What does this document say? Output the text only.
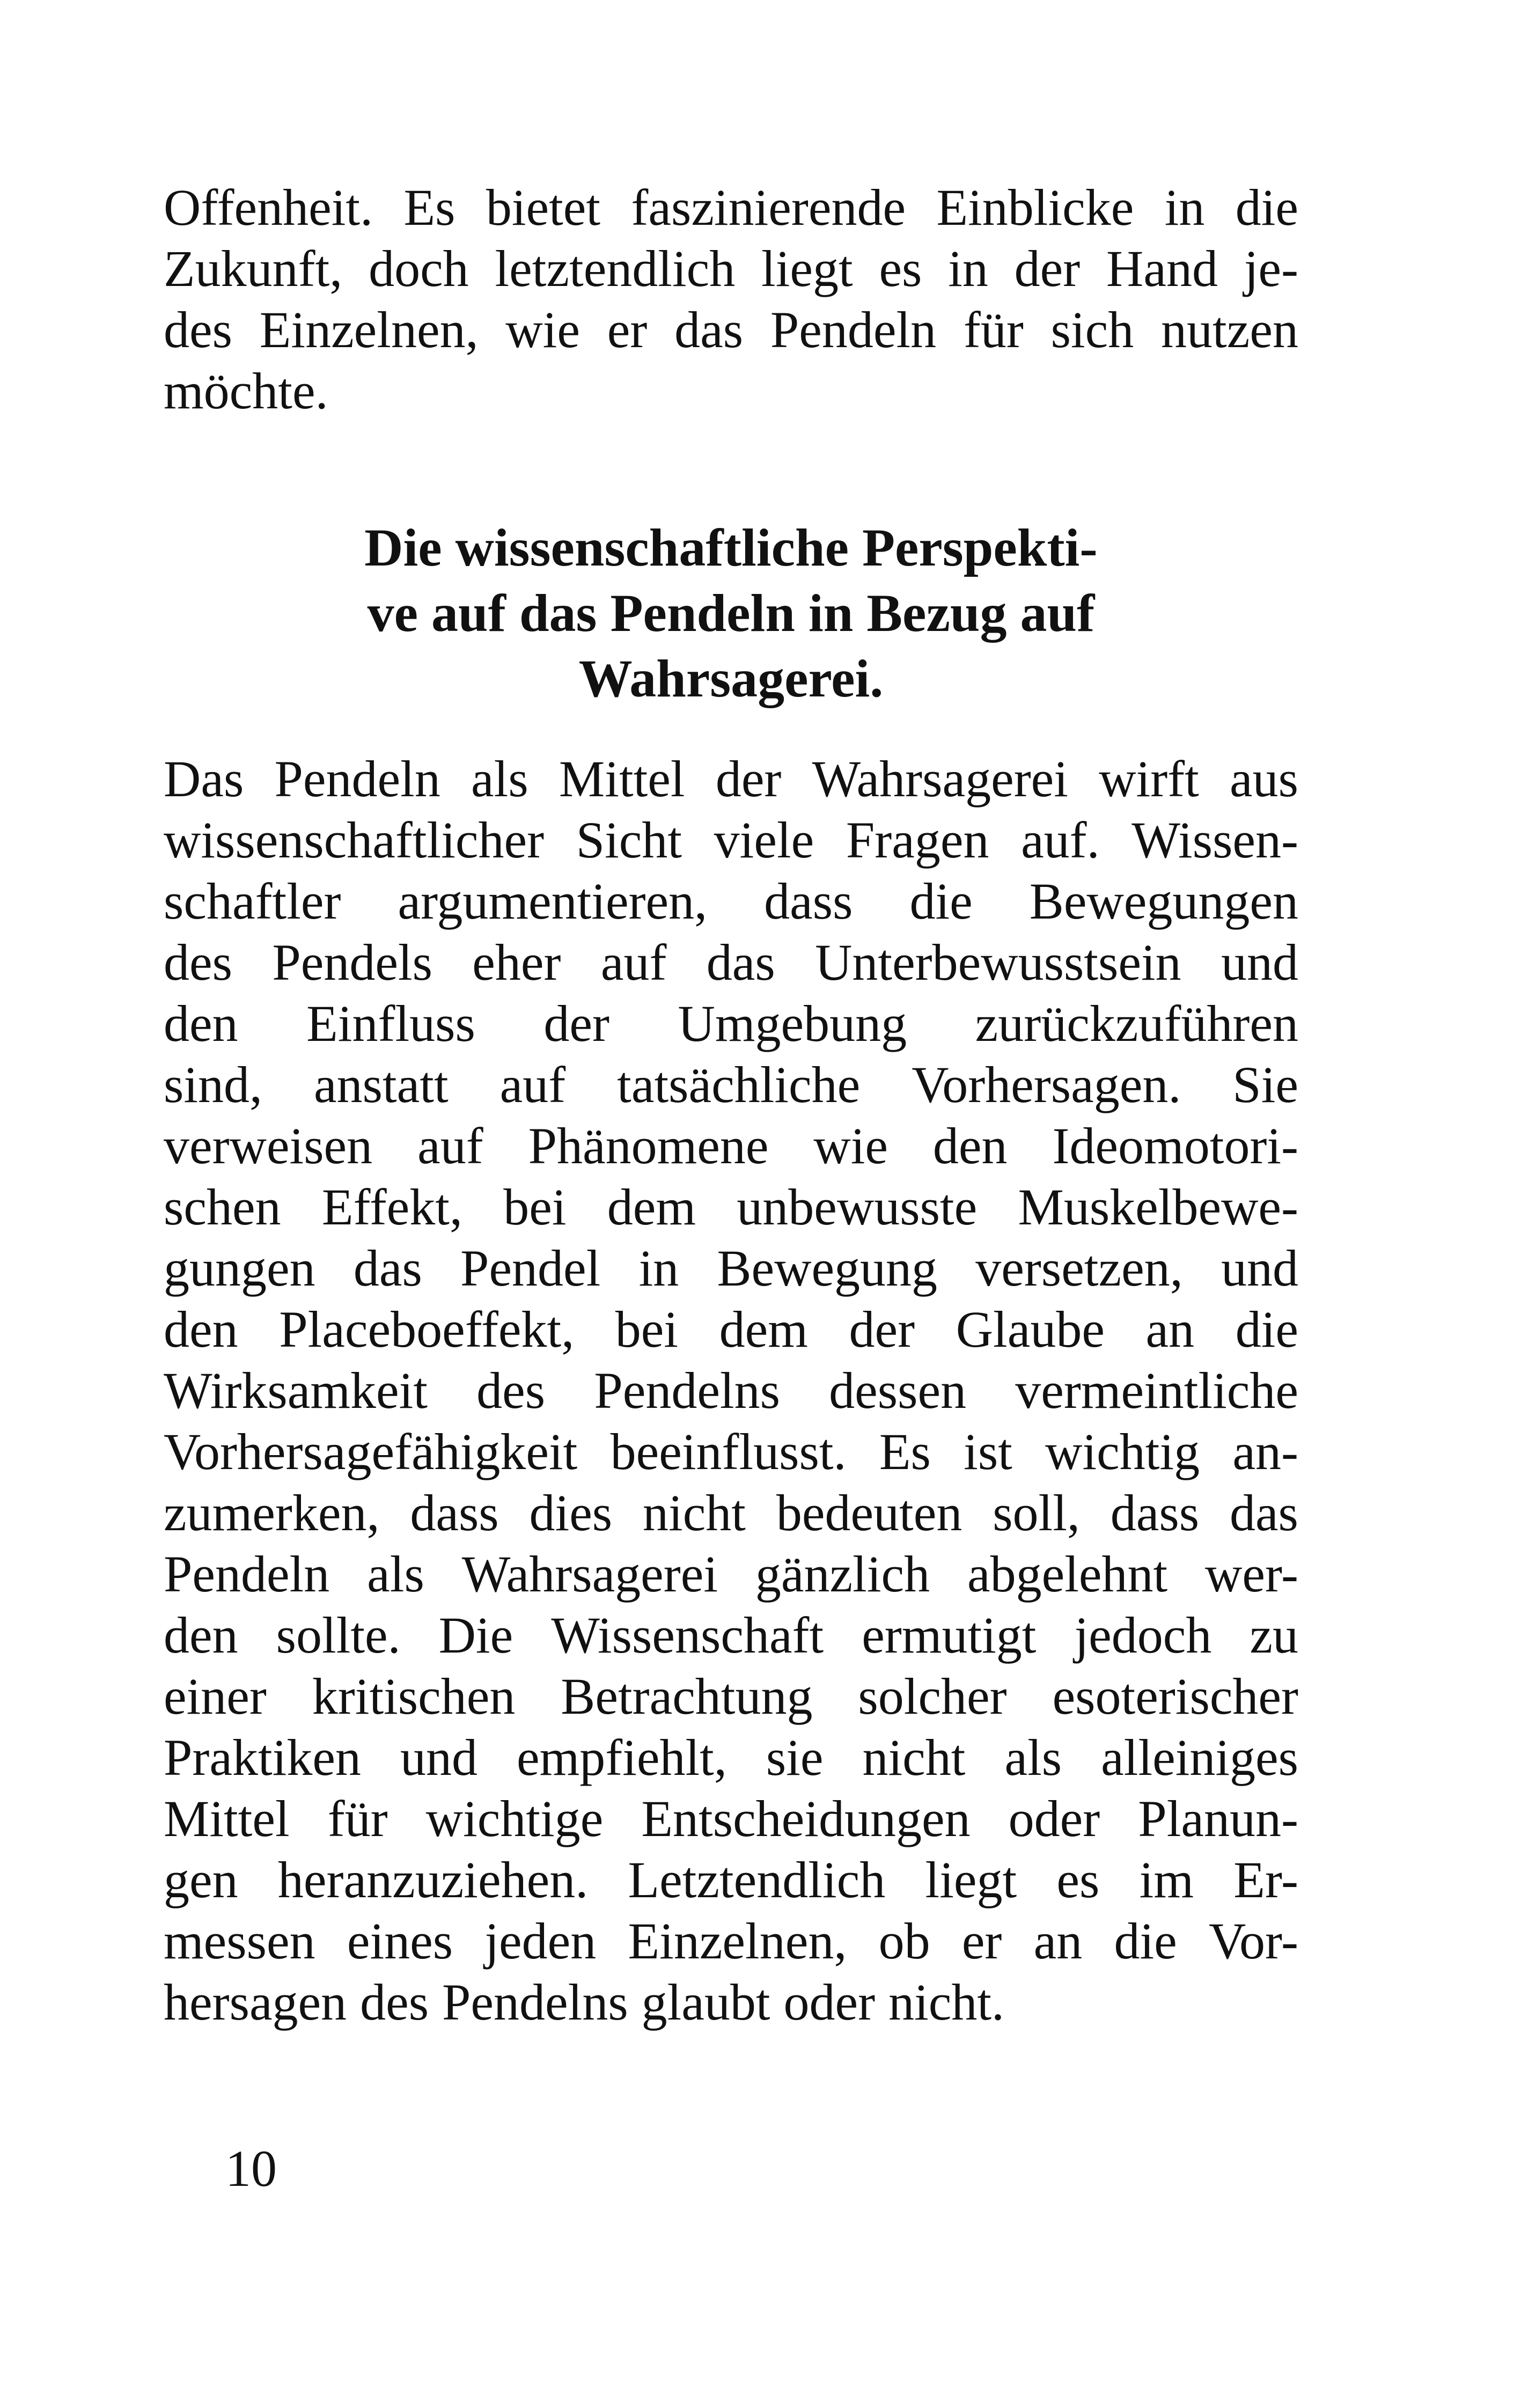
Offenheit. Es bietet faszinierende Einblicke in die
Zukunft, doch letztendlich liegt es in der Hand je-
des Einzelnen, wie er das Pendeln für sich nutzen
möchte.
Die wissenschaftliche Perspekti-
ve auf das Pendeln in Bezug auf
Wahrsagerei.
Das Pendeln als Mittel der Wahrsagerei wirft aus
wissenschaftlicher Sicht viele Fragen auf. Wissen-
schaftler argumentieren, dass die Bewegungen
des Pendels eher auf das Unterbewusstsein und
den Einfluss der Umgebung zurückzuführen
sind, anstatt auf tatsächliche Vorhersagen. Sie
verweisen auf Phänomene wie den Ideomotori-
schen Effekt, bei dem unbewusste Muskelbewe-
gungen das Pendel in Bewegung versetzen, und
den Placeboeffekt, bei dem der Glaube an die
Wirksamkeit des Pendelns dessen vermeintliche
Vorhersagefähigkeit beeinflusst. Es ist wichtig an-
zumerken, dass dies nicht bedeuten soll, dass das
Pendeln als Wahrsagerei gänzlich abgelehnt wer-
den sollte. Die Wissenschaft ermutigt jedoch zu
einer kritischen Betrachtung solcher esoterischer
Praktiken und empfiehlt, sie nicht als alleiniges
Mittel für wichtige Entscheidungen oder Planun-
gen heranzuziehen. Letztendlich liegt es im Er-
messen eines jeden Einzelnen, ob er an die Vor-
hersagen des Pendelns glaubt oder nicht.
10
